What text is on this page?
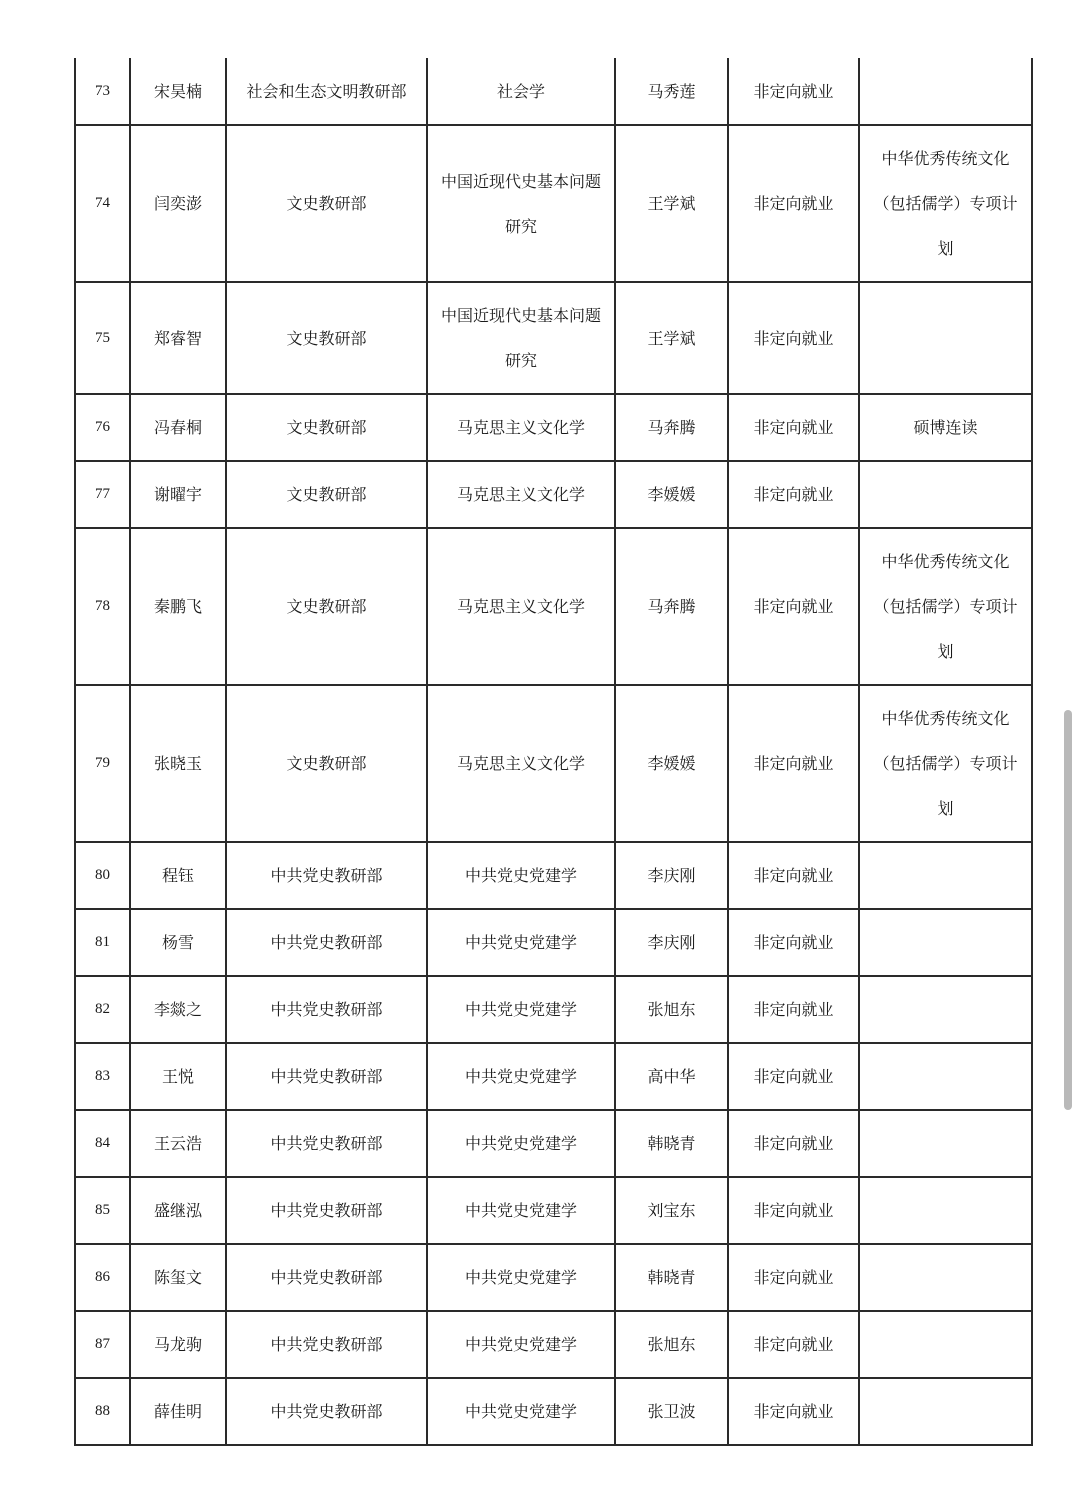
73	宋昊楠	社会和生态文明教研部	社会学	马秀莲	非定向就业	
74	闫奕澎	文史教研部	中国近现代史基本问题研究	王学斌	非定向就业	中华优秀传统文化（包括儒学）专项计划
75	郑睿智	文史教研部	中国近现代史基本问题研究	王学斌	非定向就业	
76	冯春桐	文史教研部	马克思主义文化学	马奔腾	非定向就业	硕博连读
77	谢曜宇	文史教研部	马克思主义文化学	李媛媛	非定向就业	
78	秦鹏飞	文史教研部	马克思主义文化学	马奔腾	非定向就业	中华优秀传统文化（包括儒学）专项计划
79	张晓玉	文史教研部	马克思主义文化学	李媛媛	非定向就业	中华优秀传统文化（包括儒学）专项计划
80	程钰	中共党史教研部	中共党史党建学	李庆刚	非定向就业	
81	杨雪	中共党史教研部	中共党史党建学	李庆刚	非定向就业	
82	李燚之	中共党史教研部	中共党史党建学	张旭东	非定向就业	
83	王悦	中共党史教研部	中共党史党建学	高中华	非定向就业	
84	王云浩	中共党史教研部	中共党史党建学	韩晓青	非定向就业	
85	盛继泓	中共党史教研部	中共党史党建学	刘宝东	非定向就业	
86	陈玺文	中共党史教研部	中共党史党建学	韩晓青	非定向就业	
87	马龙驹	中共党史教研部	中共党史党建学	张旭东	非定向就业	
88	薛佳明	中共党史教研部	中共党史党建学	张卫波	非定向就业	
